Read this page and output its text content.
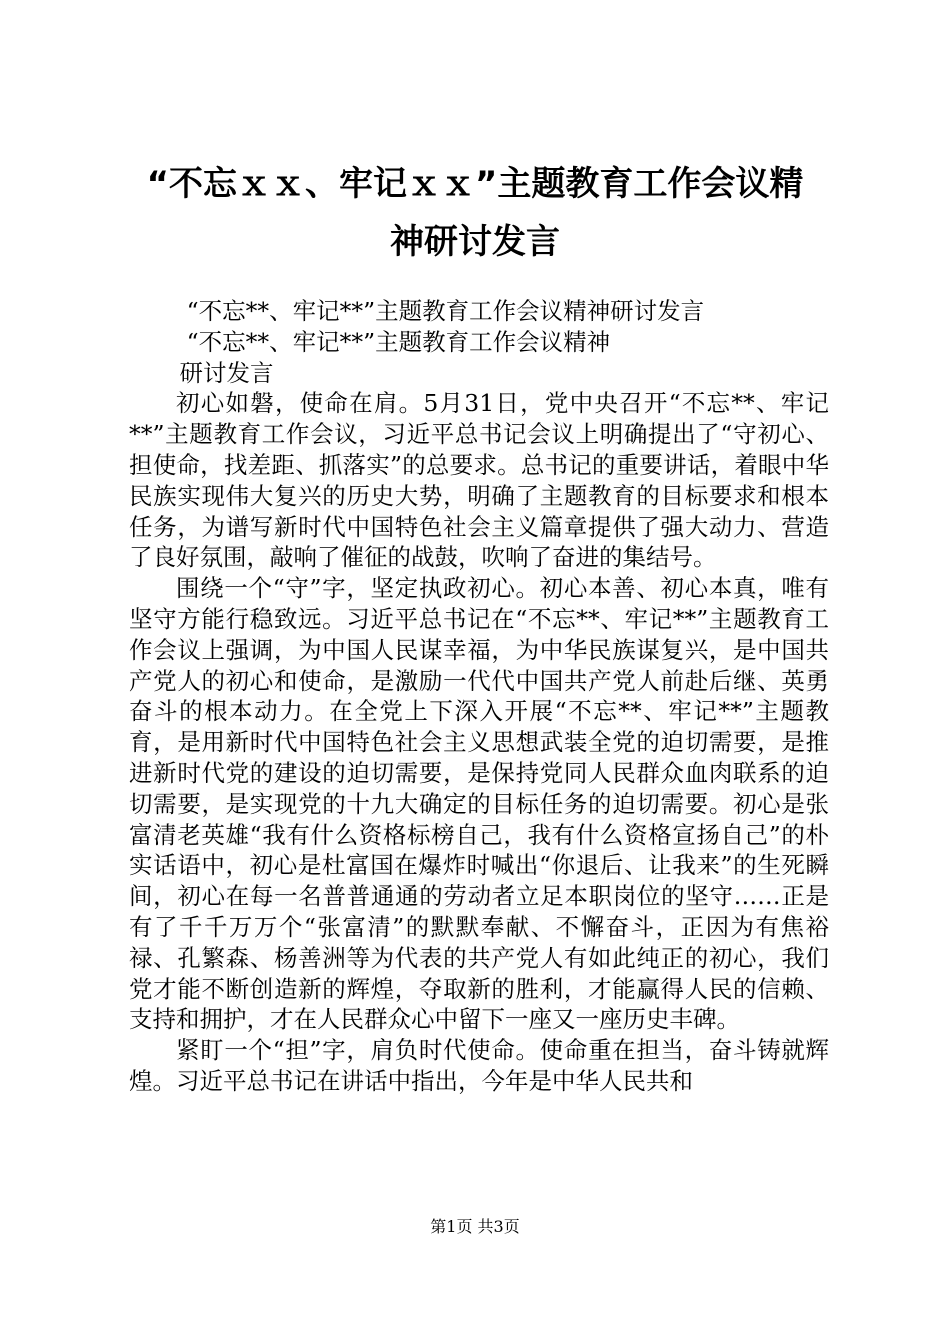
“不忘ｘｘ、牢记ｘｘ”主题教育工作会议精
神研讨发言

“不忘**、牢记**”主题教育工作会议精神研讨发言

“不忘**、牢记**”主题教育工作会议精神

研讨发言

初心如磐，使命在肩。5月31日，党中央召开“不忘**、牢记**”主题教育工作会议，习近平总书记会议上明确提出了“守初心、担使命，找差距、抓落实”的总要求。总书记的重要讲话，着眼中华民族实现伟大复兴的历史大势，明确了主题教育的目标要求和根本任务，为谱写新时代中国特色社会主义篇章提供了强大动力、营造了良好氛围，敲响了催征的战鼓，吹响了奋进的集结号。

围绕一个“守”字，坚定执政初心。初心本善、初心本真，唯有坚守方能行稳致远。习近平总书记在“不忘**、牢记**”主题教育工作会议上强调，为中国人民谋幸福，为中华民族谋复兴，是中国共产党人的初心和使命，是激励一代代中国共产党人前赴后继、英勇奋斗的根本动力。在全党上下深入开展“不忘**、牢记**”主题教育，是用新时代中国特色社会主义思想武装全党的迫切需要，是推进新时代党的建设的迫切需要，是保持党同人民群众血肉联系的迫切需要，是实现党的十九大确定的目标任务的迫切需要。初心是张富清老英雄“我有什么资格标榜自己，我有什么资格宣扬自己”的朴实话语中，初心是杜富国在爆炸时喊出“你退后、让我来”的生死瞬间，初心在每一名普普通通的劳动者立足本职岗位的坚守……正是有了千千万万个“张富清”的默默奉献、不懈奋斗，正因为有焦裕禄、孔繁森、杨善洲等为代表的共产党人有如此纯正的初心，我们党才能不断创造新的辉煌，夺取新的胜利，才能赢得人民的信赖、支持和拥护，才在人民群众心中留下一座又一座历史丰碑。

紧盯一个“担”字，肩负时代使命。使命重在担当，奋斗铸就辉煌。习近平总书记在讲话中指出，今年是中华人民共和

第1页 共3页
